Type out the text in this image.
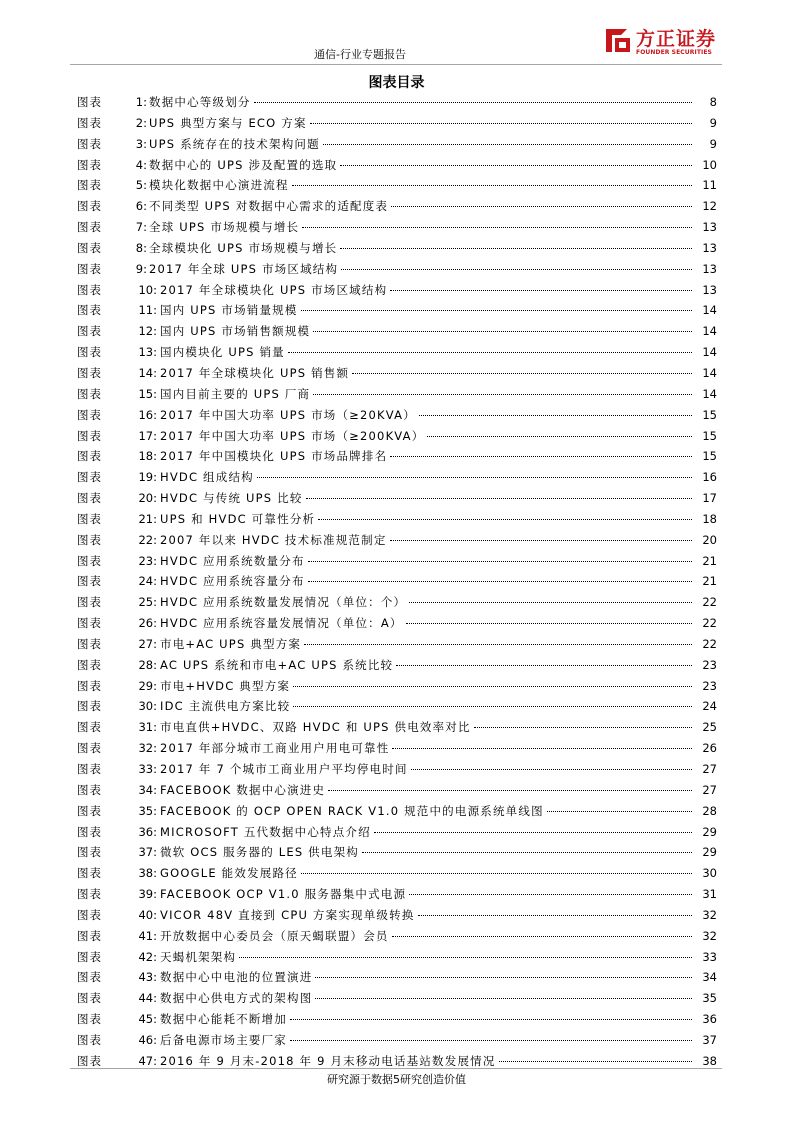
通信-行业专题报告
方正证券
FOUNDER SECURITIES
图表目录
图表	1: 数据中心等级划分	8
图表	2: UPS 典型方案与 ECO 方案	9
图表	3: UPS 系统存在的技术架构问题	9
图表	4: 数据中心的 UPS 涉及配置的选取	10
图表	5: 模块化数据中心演进流程	11
图表	6: 不同类型 UPS 对数据中心需求的适配度表	12
图表	7: 全球 UPS 市场规模与增长	13
图表	8: 全球模块化 UPS 市场规模与增长	13
图表	9: 2017 年全球 UPS 市场区域结构	13
图表	10: 2017 年全球模块化 UPS 市场区域结构	13
图表	11: 国内 UPS 市场销量规模	14
图表	12: 国内 UPS 市场销售额规模	14
图表	13: 国内模块化 UPS 销量	14
图表	14: 2017 年全球模块化 UPS 销售额	14
图表	15: 国内目前主要的 UPS 厂商	14
图表	16: 2017 年中国大功率 UPS 市场（≥20KVA）	15
图表	17: 2017 年中国大功率 UPS 市场（≥200KVA）	15
图表	18: 2017 年中国模块化 UPS 市场品牌排名	15
图表	19: HVDC 组成结构	16
图表	20: HVDC 与传统 UPS 比较	17
图表	21: UPS 和 HVDC 可靠性分析	18
图表	22: 2007 年以来 HVDC 技术标准规范制定	20
图表	23: HVDC 应用系统数量分布	21
图表	24: HVDC 应用系统容量分布	21
图表	25: HVDC 应用系统数量发展情况（单位：个）	22
图表	26: HVDC 应用系统容量发展情况（单位：A）	22
图表	27: 市电+AC UPS 典型方案	22
图表	28: AC UPS 系统和市电+AC UPS 系统比较	23
图表	29: 市电+HVDC 典型方案	23
图表	30: IDC 主流供电方案比较	24
图表	31: 市电直供+HVDC、双路 HVDC 和 UPS 供电效率对比	25
图表	32: 2017 年部分城市工商业用户用电可靠性	26
图表	33: 2017 年 7 个城市工商业用户平均停电时间	27
图表	34: FACEBOOK 数据中心演进史	27
图表	35: FACEBOOK 的 OCP OPEN RACK V1.0 规范中的电源系统单线图	28
图表	36: MICROSOFT 五代数据中心特点介绍	29
图表	37: 微软 OCS 服务器的 LES 供电架构	29
图表	38: GOOGLE 能效发展路径	30
图表	39: FACEBOOK OCP V1.0 服务器集中式电源	31
图表	40: VICOR 48V 直接到 CPU 方案实现单级转换	32
图表	41: 开放数据中心委员会（原天蝎联盟）会员	32
图表	42: 天蝎机架架构	33
图表	43: 数据中心中电池的位置演进	34
图表	44: 数据中心供电方式的架构图	35
图表	45: 数据中心能耗不断增加	36
图表	46: 后备电源市场主要厂家	37
图表	47: 2016 年 9 月末-2018 年 9 月末移动电话基站数发展情况	38
研究源于数据5研究创造价值
